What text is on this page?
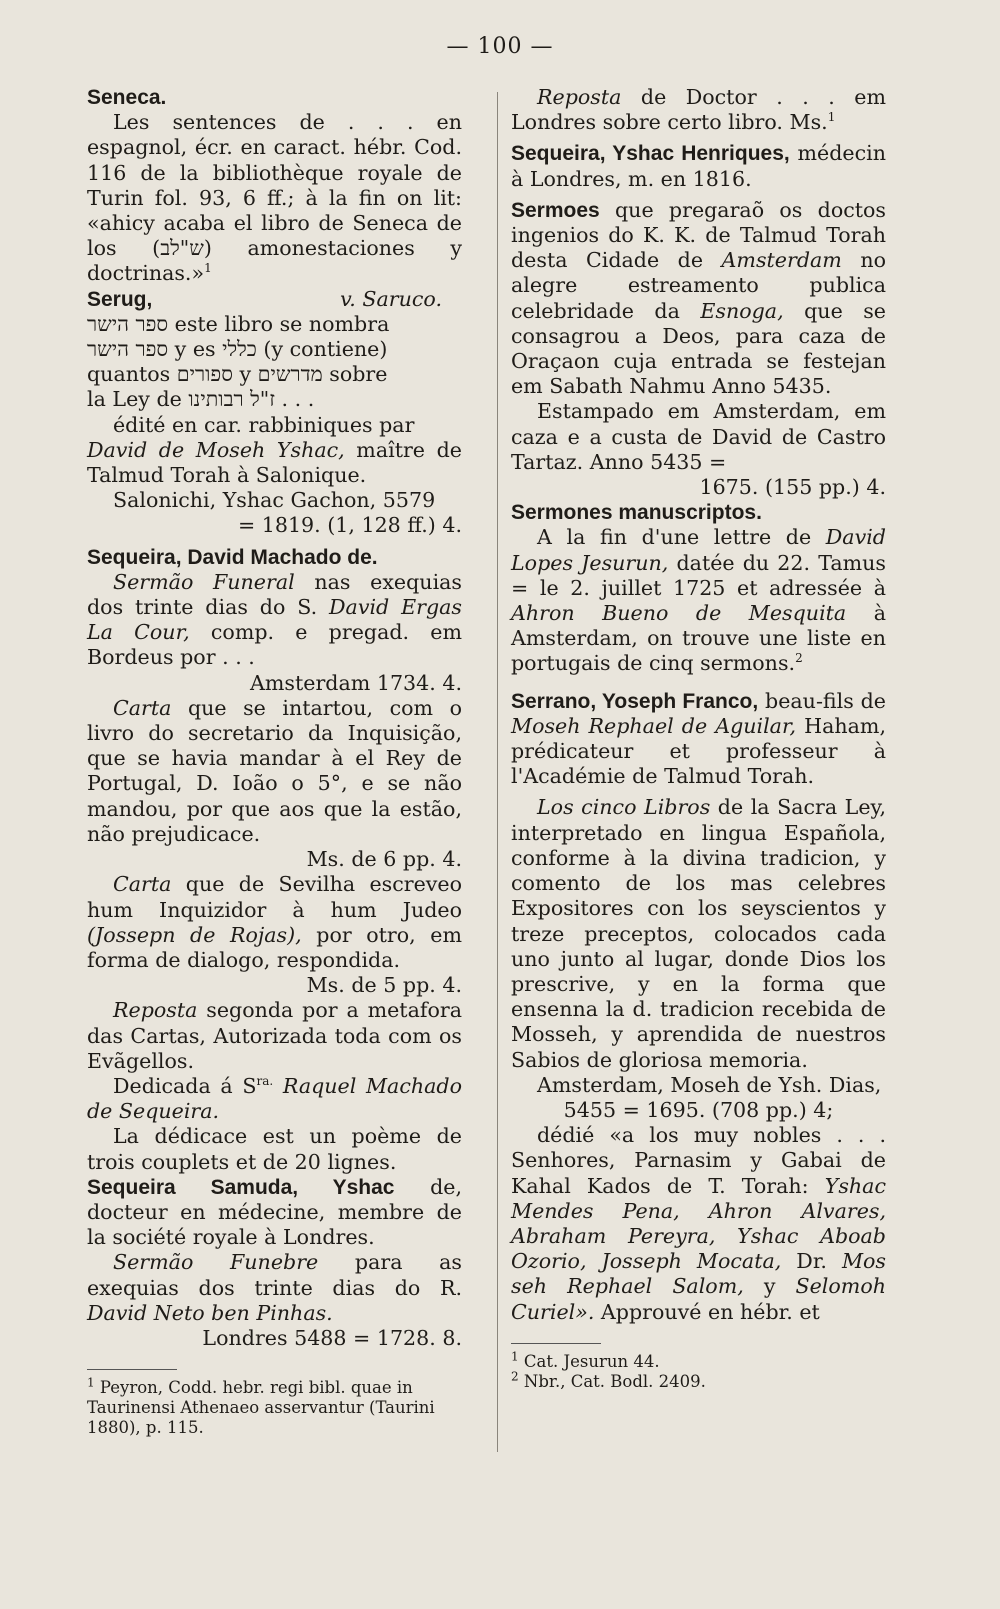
— 100 —

Seneca.

Les sentences de . . . en espagnol, écr. en caract. hébr. Cod. 116 de la bibliothèque royale de Turin fol. 93, 6 ff.; à la fin on lit: «ahicy acaba el libro de Seneca de los (ש"לב) amonestaciones y doctrinas.»$^1$

Serug,	v. Saruco.

ספר הישר este libro se nombra

ספר הישר y es כללי (y contiene)

quantos ספורים y מדרשים sobre

la Ley de ז"ל רבותינו . . .

édité en car. rabbiniques par

David de Moseh Yshac, maître de Talmud Torah à Salonique.

Salonichi, Yshac Gachon, 5579

= 1819. (1, 128 ff.) 4.

Sequeira, David Machado de.

Sermão Funeral nas exequias dos trinte dias do S. David Ergas La Cour, comp. e pregad. em Bordeus por . . .

Amsterdam 1734. 4.

Carta que se intartou, com o livro do secretario da Inquisição, que se havia mandar à el Rey de Portugal, D. Ioão o 5°, e se não mandou, por que aos que la estão, não prejudicace.

Ms. de 6 pp. 4.

Carta que de Sevilha escreveo hum Inquizidor à hum Judeo (Jossepn de Rojas), por otro, em forma de dialogo, respondida.

Ms. de 5 pp. 4.

Reposta segonda por a metafora das Cartas, Autorizada toda com os Evãgellos.

Dedicada á $S^{ra.}$ Raquel Machado de Sequeira.

La dédicace est un poème de trois couplets et de 20 lignes.

Sequeira Samuda, Yshac de, docteur en médecine, membre de la société royale à Londres.

Sermão Funebre para as exequias dos trinte dias do R. David Neto ben Pinhas.

Londres 5488 = 1728. 8.

$^1$ Peyron, Codd. hebr. regi bibl. quae in Taurinensi Athenaeo asservantur (Taurini 1880), p. 115.

Reposta de Doctor . . . em Londres sobre certo libro. Ms.$^1$

Sequeira, Yshac Henriques, médecin à Londres, m. en 1816.

Sermoes que pregaraõ os doctos ingenios do K. K. de Talmud Torah desta Cidade de Amsterdam no alegre estreamento publica celebridade da Esnoga, que se consagrou a Deos, para caza de Oraçaon cuja entrada se festejan em Sabath Nahmu Anno 5435.

Estampado em Amsterdam, em caza e a custa de David de Castro Tartaz. Anno 5435 =

1675. (155 pp.) 4.

Sermones manuscriptos.

A la fin d'une lettre de David Lopes Jesurun, datée du 22. Tamus = le 2. juillet 1725 et adressée à Ahron Bueno de Mesquita à Amsterdam, on trouve une liste en portugais de cinq sermons.$^2$

Serrano, Yoseph Franco, beau-fils de Moseh Rephael de Aguilar, Haham, prédicateur et professeur à l'Académie de Talmud Torah.

Los cinco Libros de la Sacra Ley, interpretado en lingua Española, conforme à la divina tradicion, y comento de los mas celebres Expositores con los seyscientos y treze preceptos, colocados cada uno junto al lugar, donde Dios los prescrive, y en la forma que ensenna la d. tradicion recebida de Mosseh, y aprendida de nuestros Sabios de gloriosa memoria.

Amsterdam, Moseh de Ysh. Dias,

5455 = 1695. (708 pp.) 4;

dédié «a los muy nobles . . . Senhores, Parnasim y Gabai de Kahal Kados de T. Torah: Yshac Mendes Pena, Ahron Alvares, Abraham Pereyra, Yshac Aboab Ozorio, Josseph Mocata, Dr. Mos seh Rephael Salom, y Selomoh Curiel». Approuvé en hébr. et

$^1$ Cat. Jesurun 44.

$^2$ Nbr., Cat. Bodl. 2409.
